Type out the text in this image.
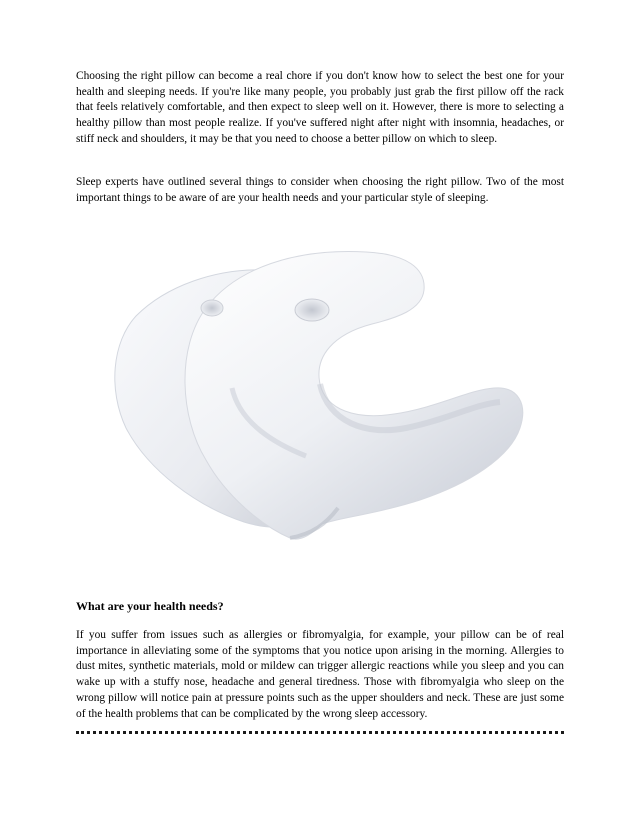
Choosing the right pillow can become a real chore if you don't know how to select the best one for your health and sleeping needs. If you're like many people, you probably just grab the first pillow off the rack that feels relatively comfortable, and then expect to sleep well on it. However, there is more to selecting a healthy pillow than most people realize. If you've suffered night after night with insomnia, headaches, or stiff neck and shoulders, it may be that you need to choose a better pillow on which to sleep.

Sleep experts have outlined several things to consider when choosing the right pillow. Two of the most important things to be aware of are your health needs and your particular style of sleeping.

What are your health needs?

If you suffer from issues such as allergies or fibromyalgia, for example, your pillow can be of real importance in alleviating some of the symptoms that you notice upon arising in the morning. Allergies to dust mites, synthetic materials, mold or mildew can trigger allergic reactions while you sleep and you can wake up with a stuffy nose, headache and general tiredness. Those with fibromyalgia who sleep on the wrong pillow will notice pain at pressure points such as the upper shoulders and neck. These are just some of the health problems that can be complicated by the wrong sleep accessory.
